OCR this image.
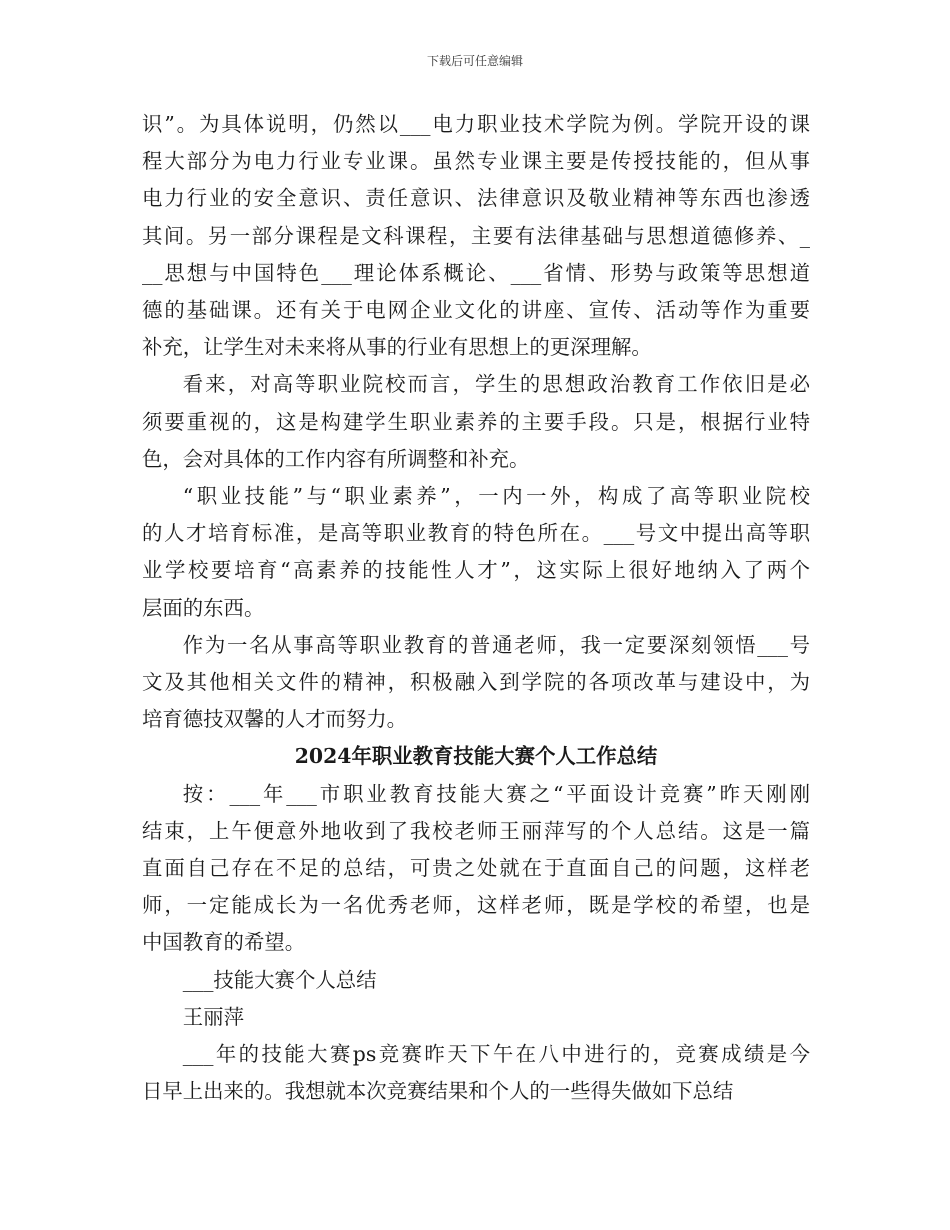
下载后可任意编辑
识”。为具体说明，仍然以___电力职业技术学院为例。学院开设的课
程大部分为电力行业专业课。虽然专业课主要是传授技能的，但从事
电力行业的安全意识、责任意识、法律意识及敬业精神等东西也渗透
其间。另一部分课程是文科课程，主要有法律基础与思想道德修养、_
__思想与中国特色___理论体系概论、___省情、形势与政策等思想道
德的基础课。还有关于电网企业文化的讲座、宣传、活动等作为重要
补充，让学生对未来将从事的行业有思想上的更深理解。
看来，对高等职业院校而言，学生的思想政治教育工作依旧是必
须要重视的，这是构建学生职业素养的主要手段。只是，根据行业特
色，会对具体的工作内容有所调整和补充。
“职业技能”与“职业素养”，一内一外，构成了高等职业院校
的人才培育标准，是高等职业教育的特色所在。___号文中提出高等职
业学校要培育“高素养的技能性人才”，这实际上很好地纳入了两个
层面的东西。
作为一名从事高等职业教育的普通老师，我一定要深刻领悟___号
文及其他相关文件的精神，积极融入到学院的各项改革与建设中，为
培育德技双馨的人才而努力。
2024年职业教育技能大赛个人工作总结
按：___年___市职业教育技能大赛之“平面设计竞赛”昨天刚刚
结束，上午便意外地收到了我校老师王丽萍写的个人总结。这是一篇
直面自己存在不足的总结，可贵之处就在于直面自己的问题，这样老
师，一定能成长为一名优秀老师，这样老师，既是学校的希望，也是
中国教育的希望。
___技能大赛个人总结
王丽萍
___年的技能大赛ps竞赛昨天下午在八中进行的，竞赛成绩是今
日早上出来的。我想就本次竞赛结果和个人的一些得失做如下总结
